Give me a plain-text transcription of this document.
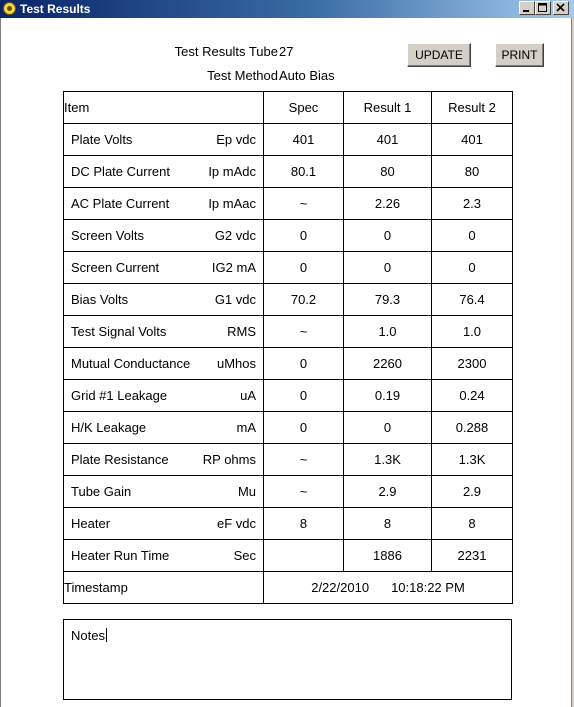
Test Results
Test Results Tube 27
Test Method Auto Bias
UPDATE	PRINT
Item	Spec	Result 1	Result 2

Plate Volts Ep vdc	401	401	401

DC Plate Current Ip mAdc	80.1	80	80

AC Plate Current Ip mAac	~	2.26	2.3

Screen Volts G2 vdc	0	0	0

Screen Current IG2 mA	0	0	0

Bias Volts G1 vdc	70.2	79.3	76.4

Test Signal Volts RMS	~	1.0	1.0

Mutual Conductance uMhos	0	2260	2300

Grid #1 Leakage uA	0	0.19	0.24

H/K Leakage mA	0	0	0.288

Plate Resistance RP ohms	~	1.3K	1.3K

Tube Gain Mu	~	2.9	2.9

Heater eF vdc	8	8	8

Heater Run Time Sec		1886	2231
Timestamp	2/22/2010 10:18:22 PM		
Notes
